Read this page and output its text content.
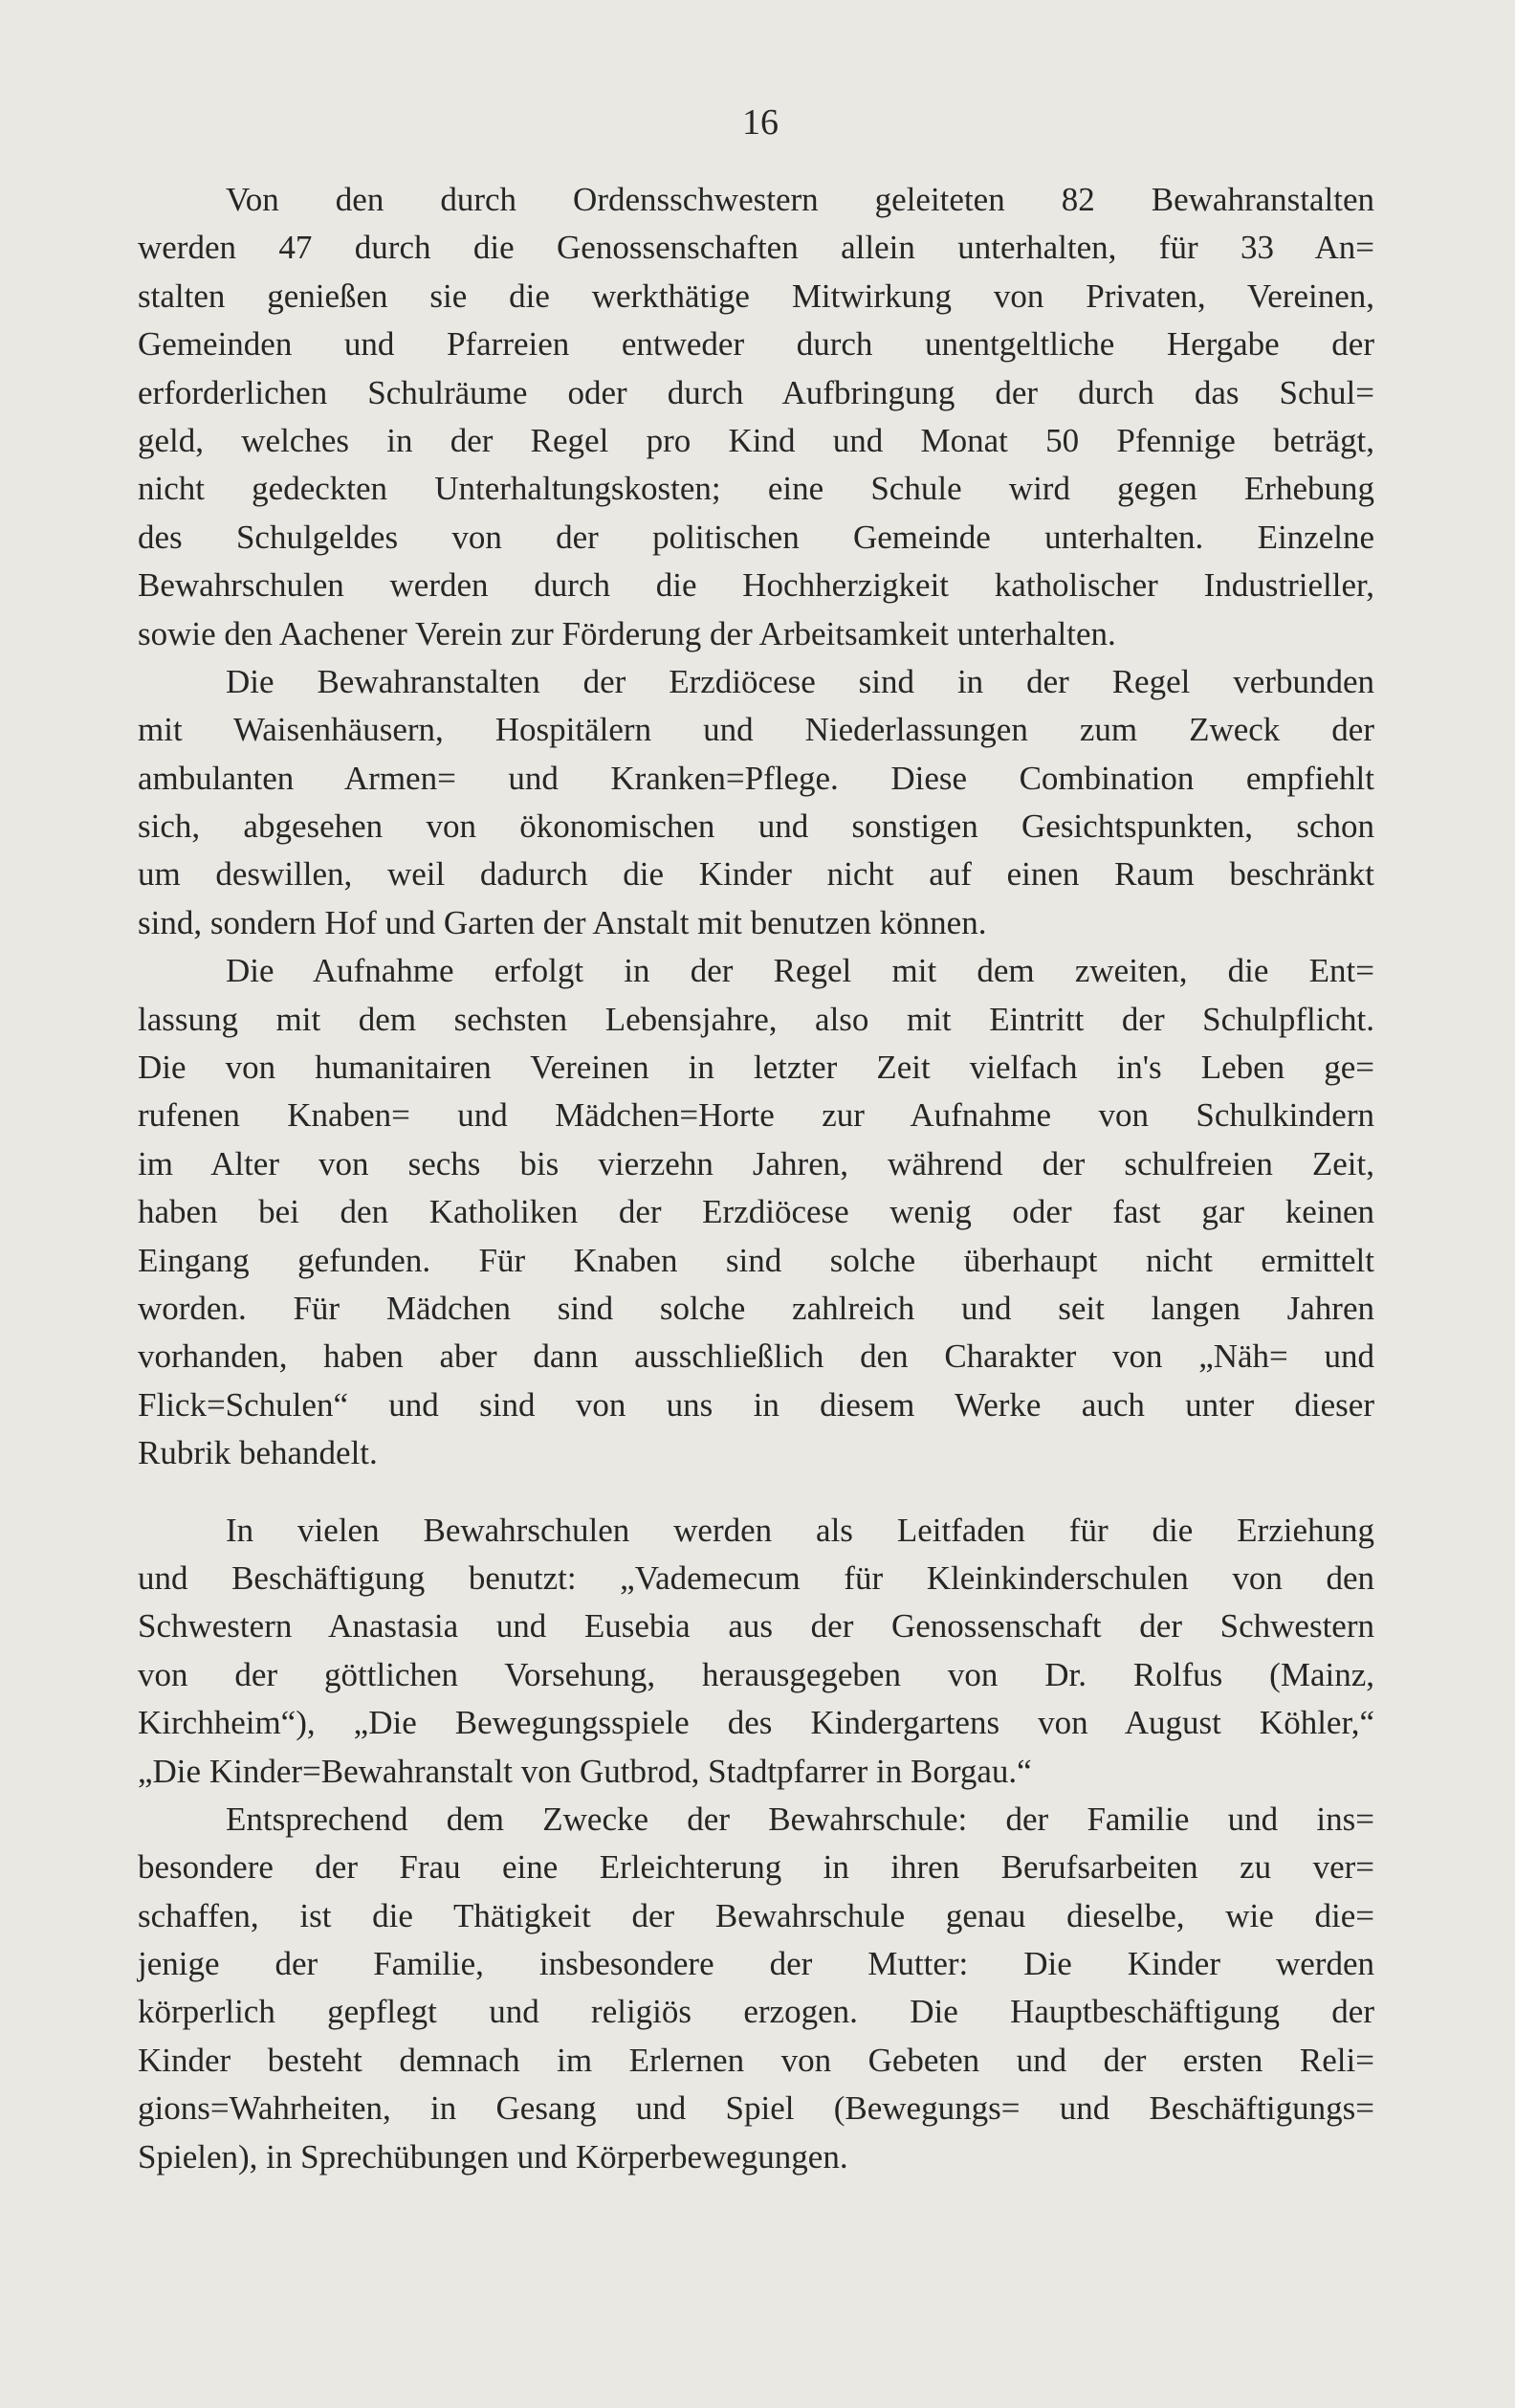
16
Von den durch Ordensschwestern geleiteten 82 Bewahranstalten
werden 47 durch die Genossenschaften allein unterhalten, für 33 An=
stalten genießen sie die werkthätige Mitwirkung von Privaten, Vereinen,
Gemeinden und Pfarreien entweder durch unentgeltliche Hergabe der
erforderlichen Schulräume oder durch Aufbringung der durch das Schul=
geld, welches in der Regel pro Kind und Monat 50 Pfennige beträgt,
nicht gedeckten Unterhaltungskosten; eine Schule wird gegen Erhebung
des Schulgeldes von der politischen Gemeinde unterhalten. Einzelne
Bewahrschulen werden durch die Hochherzigkeit katholischer Industrieller,
sowie den Aachener Verein zur Förderung der Arbeitsamkeit unterhalten.
Die Bewahranstalten der Erzdiöcese sind in der Regel verbunden
mit Waisenhäusern, Hospitälern und Niederlassungen zum Zweck der
ambulanten Armen= und Kranken=Pflege. Diese Combination empfiehlt
sich, abgesehen von ökonomischen und sonstigen Gesichtspunkten, schon
um deswillen, weil dadurch die Kinder nicht auf einen Raum beschränkt
sind, sondern Hof und Garten der Anstalt mit benutzen können.
Die Aufnahme erfolgt in der Regel mit dem zweiten, die Ent=
lassung mit dem sechsten Lebensjahre, also mit Eintritt der Schulpflicht.
Die von humanitairen Vereinen in letzter Zeit vielfach in's Leben ge=
rufenen Knaben= und Mädchen=Horte zur Aufnahme von Schulkindern
im Alter von sechs bis vierzehn Jahren, während der schulfreien Zeit,
haben bei den Katholiken der Erzdiöcese wenig oder fast gar keinen
Eingang gefunden. Für Knaben sind solche überhaupt nicht ermittelt
worden. Für Mädchen sind solche zahlreich und seit langen Jahren
vorhanden, haben aber dann ausschließlich den Charakter von „Näh= und
Flick=Schulen“ und sind von uns in diesem Werke auch unter dieser
Rubrik behandelt.
In vielen Bewahrschulen werden als Leitfaden für die Erziehung
und Beschäftigung benutzt: „Vademecum für Kleinkinderschulen von den
Schwestern Anastasia und Eusebia aus der Genossenschaft der Schwestern
von der göttlichen Vorsehung, herausgegeben von Dr. Rolfus (Mainz,
Kirchheim“), „Die Bewegungsspiele des Kindergartens von August Köhler,“
„Die Kinder=Bewahranstalt von Gutbrod, Stadtpfarrer in Borgau.“
Entsprechend dem Zwecke der Bewahrschule: der Familie und ins=
besondere der Frau eine Erleichterung in ihren Berufsarbeiten zu ver=
schaffen, ist die Thätigkeit der Bewahrschule genau dieselbe, wie die=
jenige der Familie, insbesondere der Mutter: Die Kinder werden
körperlich gepflegt und religiös erzogen. Die Hauptbeschäftigung der
Kinder besteht demnach im Erlernen von Gebeten und der ersten Reli=
gions=Wahrheiten, in Gesang und Spiel (Bewegungs= und Beschäftigungs=
Spielen), in Sprechübungen und Körperbewegungen.
